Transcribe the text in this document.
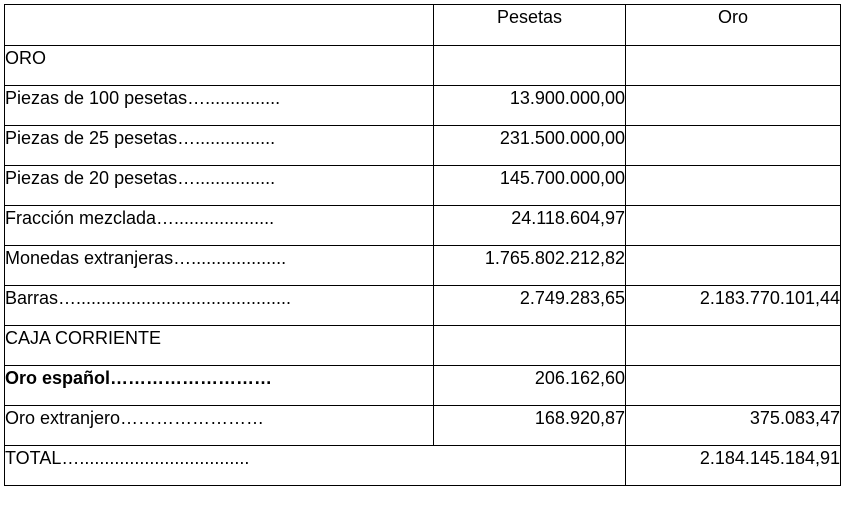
	Pesetas	Oro

ORO		

Piezas de 100 pesetas…...............	13.900.000,00	

Piezas de 25 pesetas…................	231.500.000,00	

Piezas de 20 pesetas…................	145.700.000,00	

Fracción mezclada…....................	24.118.604,97	

Monedas extranjeras…...................	1.765.802.212,82	

Barras…...........................................	2.749.283,65	2.183.770.101,44

CAJA CORRIENTE		

Oro español………………………	206.162,60	

Oro extranjero……………………	168.920,87	375.083,47

TOTAL…..................................		2.184.145.184,91
